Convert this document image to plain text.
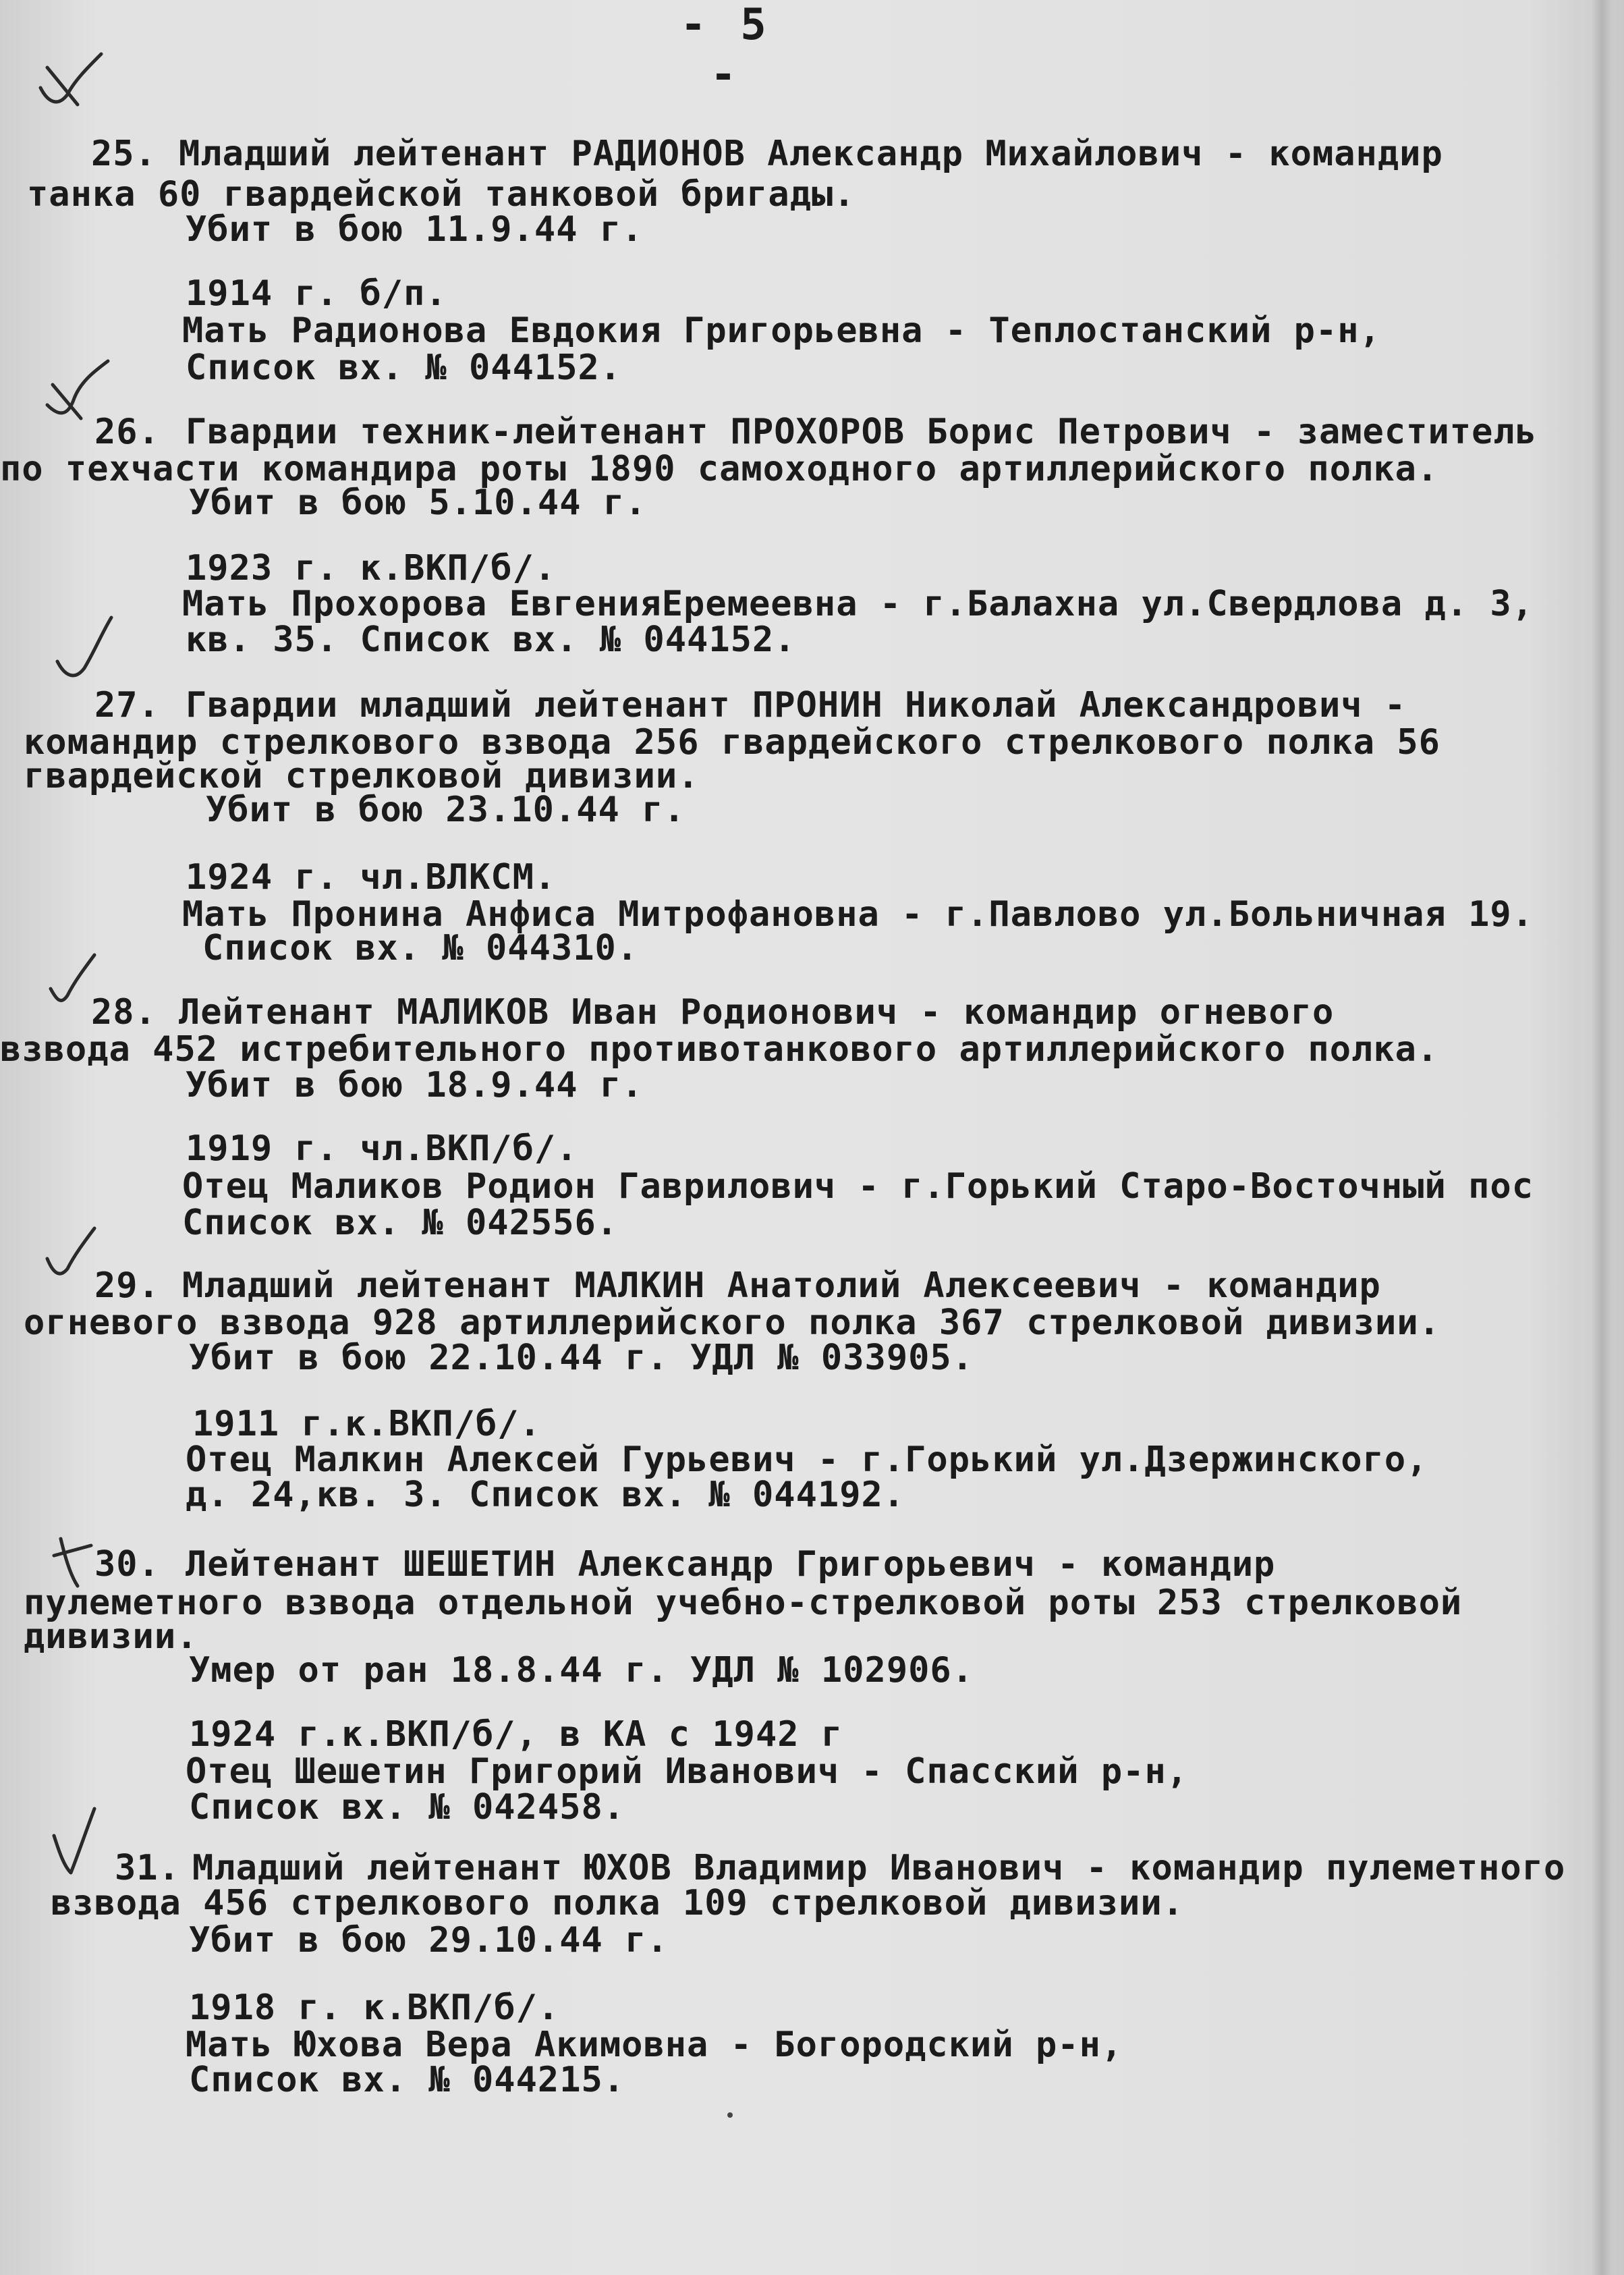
- 5 -
25. Младший лейтенант РАДИОНОВ Александр Михайлович - командир
танка 60 гвардейской танковой бригады.
Убит в бою 11.9.44 г.
1914 г. б/п.
Мать Радионова Евдокия Григорьевна - Теплостанский р-н,
Список вх. № 044152.
26. Гвардии техник-лейтенант ПРОХОРОВ Борис Петрович - заместитель
по техчасти командира роты 1890 самоходного артиллерийского полка.
Убит в бою 5.10.44 г.
1923 г. к.ВКП/б/.
Мать Прохорова ЕвгенияЕремеевна - г.Балахна ул.Свердлова д. 3,
кв. 35. Список вх. № 044152.
27. Гвардии младший лейтенант ПРОНИН Николай Александрович -
командир стрелкового взвода 256 гвардейского стрелкового полка 56
гвардейской стрелковой дивизии.
Убит в бою 23.10.44 г.
1924 г. чл.ВЛКСМ.
Мать Пронина Анфиса Митрофановна - г.Павлово ул.Больничная 19.
Список вх. № 044310.
28. Лейтенант МАЛИКОВ Иван Родионович - командир огневого
взвода 452 истребительного противотанкового артиллерийского полка.
Убит в бою 18.9.44 г.
1919 г. чл.ВКП/б/.
Отец Маликов Родион Гаврилович - г.Горький Старо-Восточный пос
Список вх. № 042556.
29. Младший лейтенант МАЛКИН Анатолий Алексеевич - командир
огневого взвода 928 артиллерийского полка 367 стрелковой дивизии.
Убит в бою 22.10.44 г. УДЛ № 033905.
1911 г.к.ВКП/б/.
Отец Малкин Алексей Гурьевич - г.Горький ул.Дзержинского,
д. 24,кв. 3. Список вх. № 044192.
30. Лейтенант ШЕШЕТИН Александр Григорьевич - командир
пулеметного взвода отдельной учебно-стрелковой роты 253 стрелковой
дивизии.
Умер от ран 18.8.44 г. УДЛ № 102906.
1924 г.к.ВКП/б/, в КА с 1942 г
Отец Шешетин Григорий Иванович - Спасский р-н,
Список вх. № 042458.
31. Младший лейтенант ЮХОВ Владимир Иванович - командир пулеметного
взвода 456 стрелкового полка 109 стрелковой дивизии.
Убит в бою 29.10.44 г.
1918 г. к.ВКП/б/.
Мать Юхова Вера Акимовна - Богородский р-н,
Список вх. № 044215.
